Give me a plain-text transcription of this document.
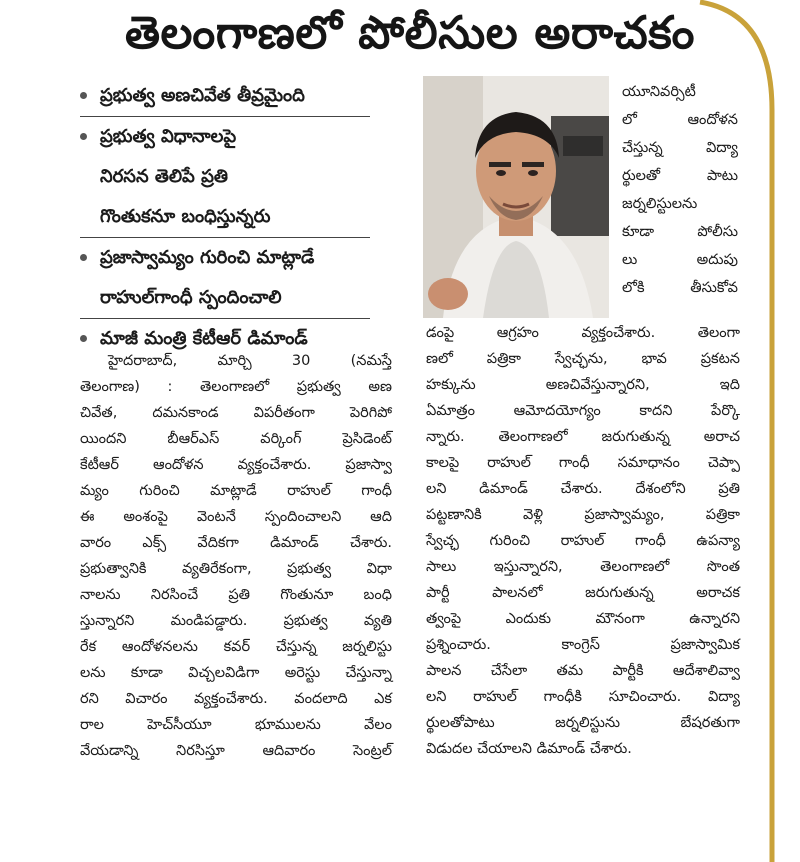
తెలంగాణలో పోలీసుల అరాచకం
ప్రభుత్వ అణచివేత తీవ్రమైంది
ప్రభుత్వ విధానాలపై
నిరసన తెలిపే ప్రతి
గొంతుకనూ బంధిస్తున్నరు
ప్రజాస్వామ్యం గురించి మాట్లాడే
రాహుల్‌గాంధీ స్పందించాలి
మాజీ మంత్రి కేటీఆర్‌ డిమాండ్‌
యూనివర్సిటీ
లో ఆందోళన
చేస్తున్న విద్యా
ర్థులతో పాటు
జర్నలిస్టులను
కూడా పోలీసు
లు అదుపు
లోకి తీసుకోవ
హైదరాబాద్‌, మార్చి 30 (నమస్తే
తెలంగాణ) : తెలంగాణలో ప్రభుత్వ అణ
చివేత, దమనకాండ విపరీతంగా పెరిగిపో
యిందని బీఆర్‌ఎస్‌ వర్కింగ్‌ ప్రెసిడెంట్‌
కేటీఆర్‌ ఆందోళన వ్యక్తంచేశారు. ప్రజాస్వా
మ్యం గురించి మాట్లాడే రాహుల్‌ గాంధీ
ఈ అంశంపై వెంటనే స్పందించాలని ఆది
వారం ఎక్స్‌ వేదికగా డిమాండ్‌ చేశారు.
ప్రభుత్వానికి వ్యతిరేకంగా, ప్రభుత్వ విధా
నాలను నిరసించే ప్రతి గొంతునూ బంధి
స్తున్నారని మండిపడ్డారు. ప్రభుత్వ వ్యతి
రేక ఆందోళనలను కవర్‌ చేస్తున్న జర్నలిస్టు
లను కూడా విచ్చలవిడిగా అరెస్టు చేస్తున్నా
రని విచారం వ్యక్తంచేశారు. వందలాది ఎక
రాల హెచ్‌సీయూ భూములను వేలం
వేయడాన్ని నిరసిస్తూ ఆదివారం సెంట్రల్‌
డంపై ఆగ్రహం వ్యక్తంచేశారు. తెలంగా
ణలో పత్రికా స్వేచ్ఛను, భావ ప్రకటన
హక్కును అణచివేస్తున్నారని, ఇది
ఏమాత్రం ఆమోదయోగ్యం కాదని పేర్కొ
న్నారు. తెలంగాణలో జరుగుతున్న అరాచ
కాలపై రాహుల్‌ గాంధీ సమాధానం చెప్పా
లని డిమాండ్‌ చేశారు. దేశంలోని ప్రతి
పట్టణానికి వెళ్లి ప్రజాస్వామ్యం, పత్రికా
స్వేచ్ఛ గురించి రాహుల్‌ గాంధీ ఉపన్యా
సాలు ఇస్తున్నారని, తెలంగాణలో సొంత
పార్టీ పాలనలో జరుగుతున్న అరాచక
త్వంపై ఎందుకు మౌనంగా ఉన్నారని
ప్రశ్నించారు. కాంగ్రెస్‌ ప్రజాస్వామిక
పాలన చేసేలా తమ పార్టీకి ఆదేశాలివ్వా
లని రాహుల్‌ గాంధీకి సూచించారు. విద్యా
ర్థులతోపాటు జర్నలిస్టును బేషరతుగా
విడుదల చేయాలని డిమాండ్‌ చేశారు.
